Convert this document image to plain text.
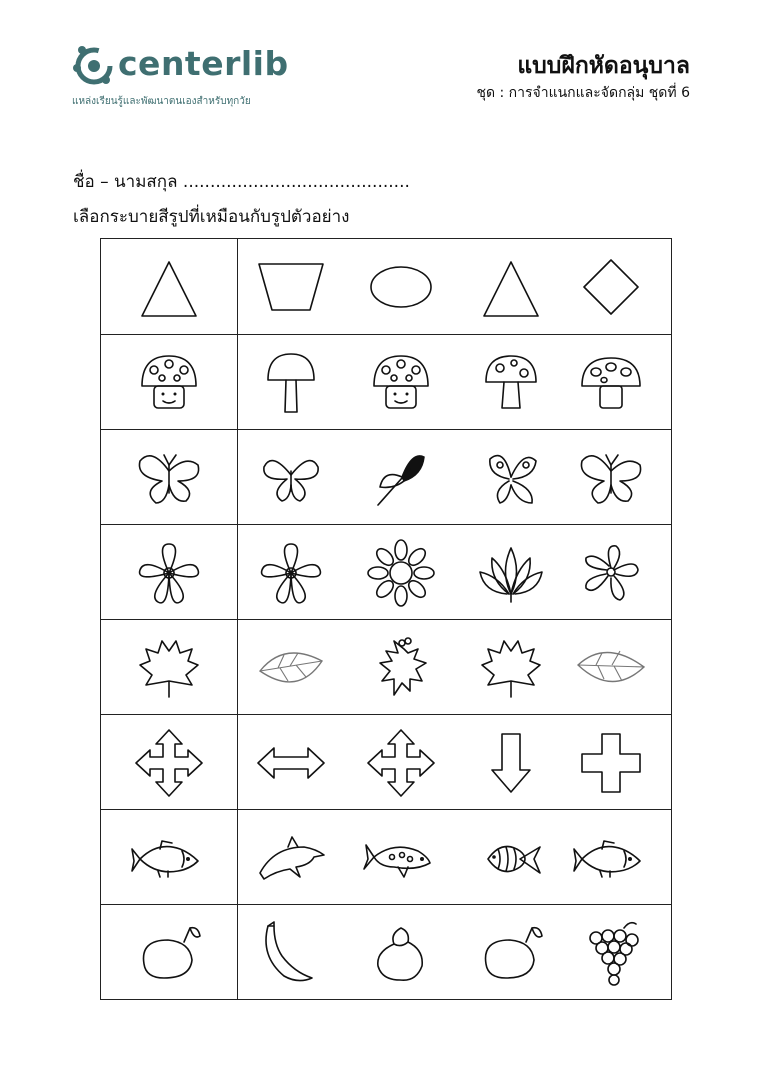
centerlib
แหล่งเรียนรู้และพัฒนาตนเองสำหรับทุกวัย
แบบฝึกหัดอนุบาล
ชุด : การจำแนกและจัดกลุ่ม ชุดที่ 6
ชื่อ – นามสกุล ..........................................
เลือกระบายสีรูปที่เหมือนกับรูปตัวอย่าง
